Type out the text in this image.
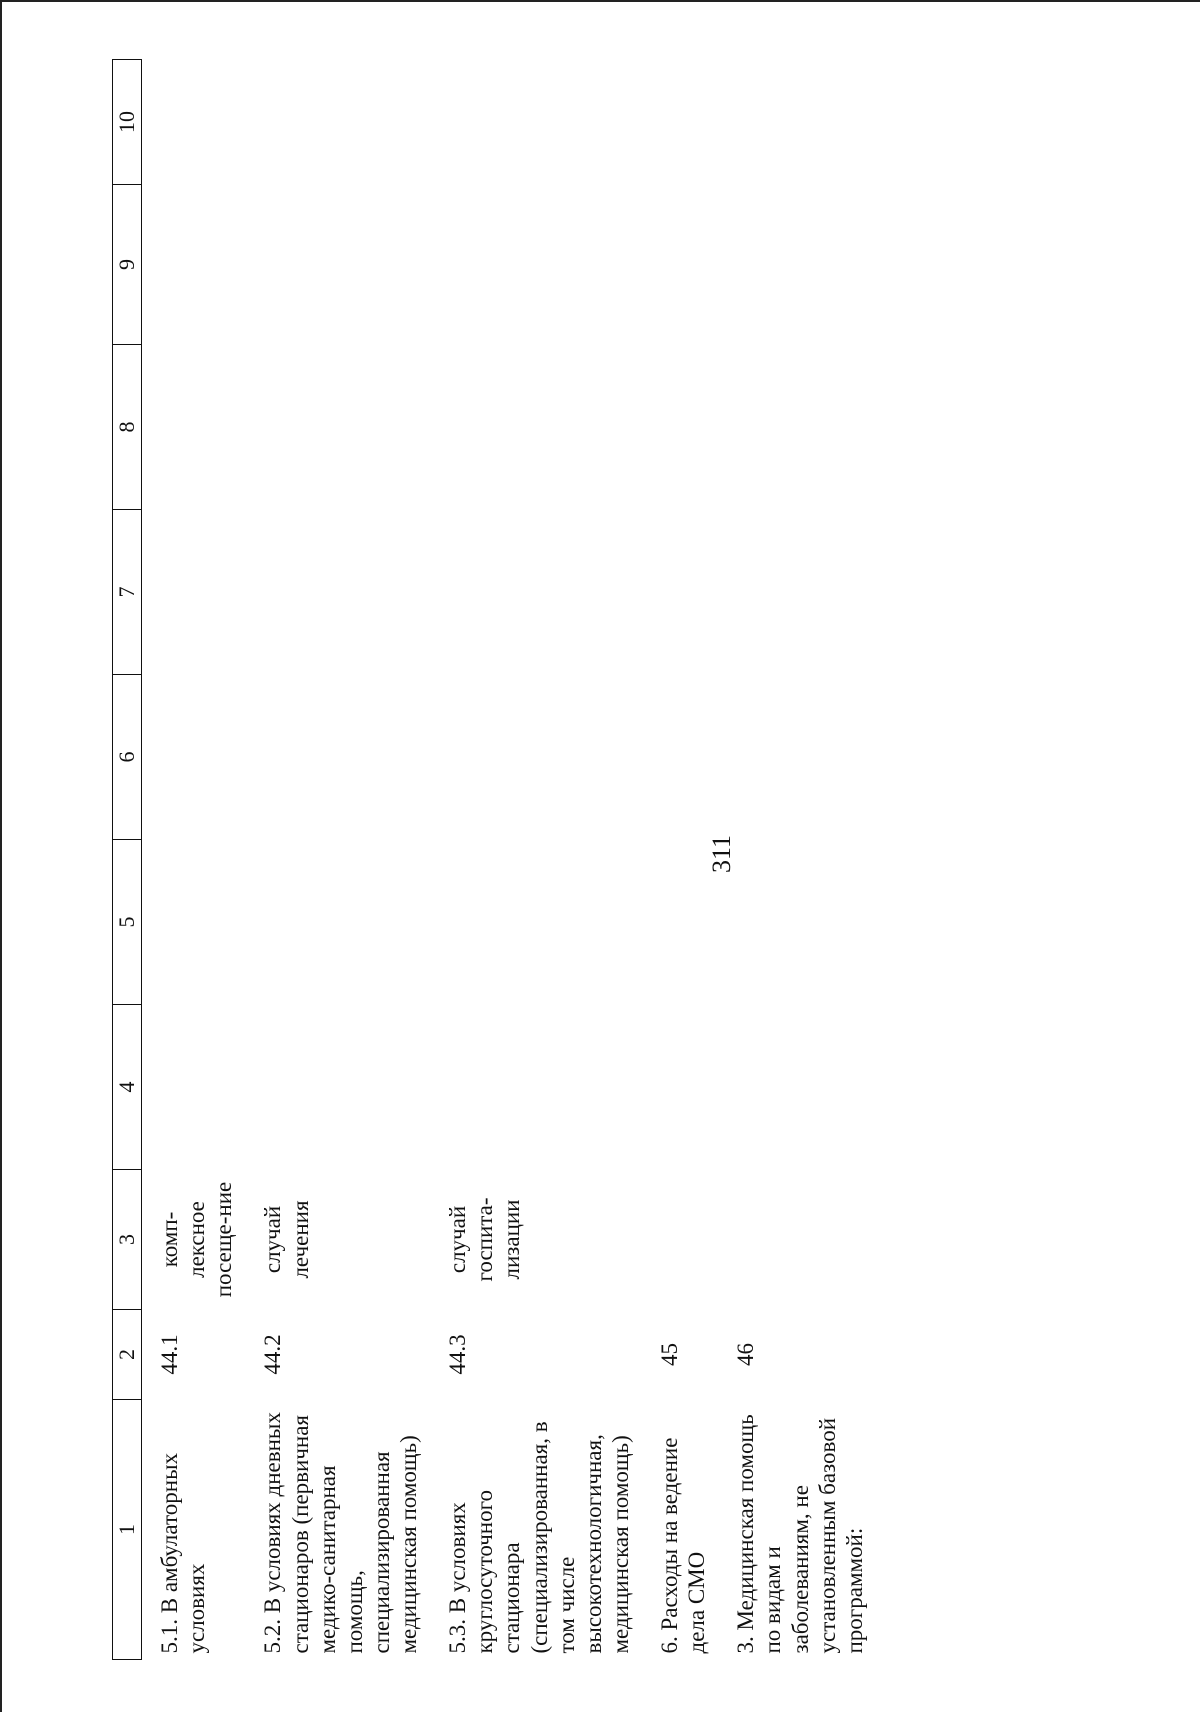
311
1	2	3	4	5	6	7	8	9	10
5.1. В амбулаторных условиях	44.1	комп-лексное посеще-ние							
5.2. В условиях дневных стационаров (первичная медико-санитарная помощь, специализированная медицинская помощь)	44.2	случай лечения							
5.3. В условиях круглосуточного стационара (специализированная, в том числе высокотехнологичная, медицинская помощь)	44.3	случай госпита-лизации							
6. Расходы на ведение дела СМО	45								
3. Медицинская помощь по видам и заболеваниям, не установленным базовой программой:	46								
